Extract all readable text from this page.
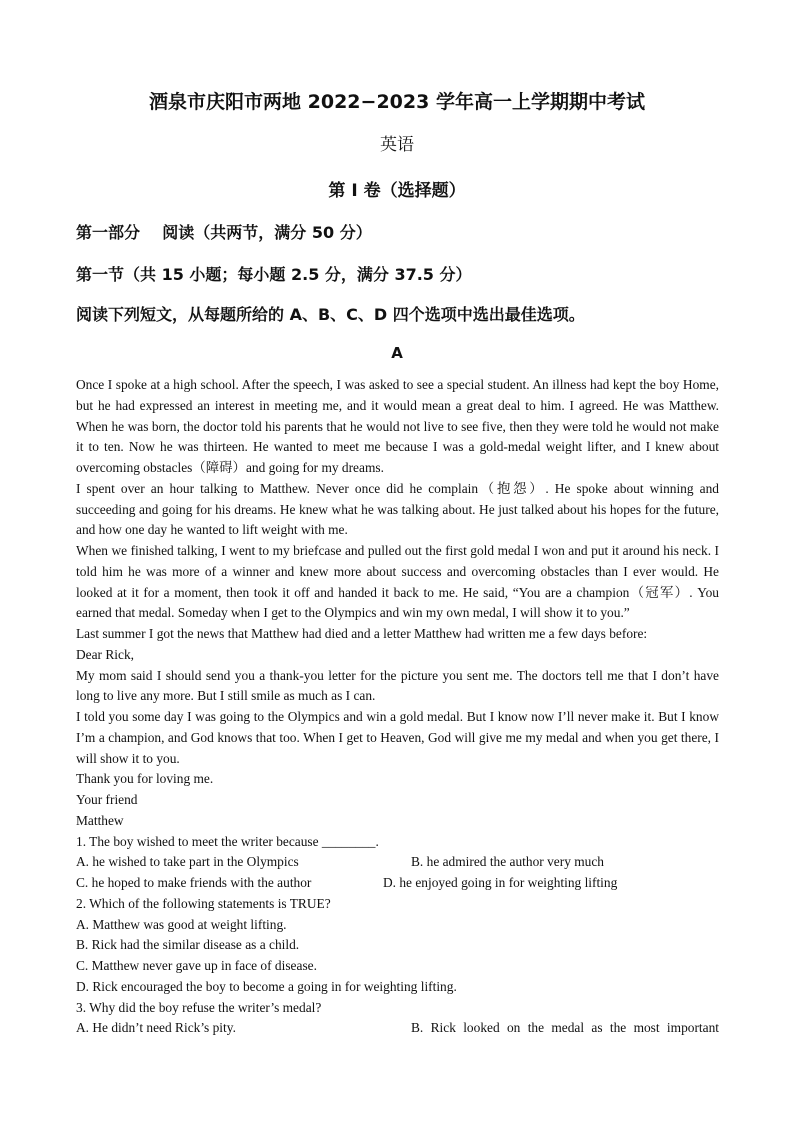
酒泉市庆阳市两地 2022−2023 学年高一上学期期中考试
英语
第 I 卷（选择题）
第一部分    阅读（共两节，满分 50 分）
第一节（共 15 小题；每小题 2.5 分，满分 37.5 分）
阅读下列短文，从每题所给的 A、B、C、D 四个选项中选出最佳选项。
A

Once I spoke at a high school. After the speech, I was asked to see a special student. An illness had kept the boy Home, but he had expressed an interest in meeting me, and it would mean a great deal to him. I agreed. He was Matthew. When he was born, the doctor told his parents that he would not live to see five, then they were told he would not make it to ten. Now he was thirteen. He wanted to meet me because I was a gold-medal weight lifter, and I knew about overcoming obstacles（障碍）and going for my dreams.

I spent over an hour talking to Matthew. Never once did he complain（抱怨）. He spoke about winning and succeeding and going for his dreams. He knew what he was talking about. He just talked about his hopes for the future, and how one day he wanted to lift weight with me.

When we finished talking, I went to my briefcase and pulled out the first gold medal I won and put it around his neck. I told him he was more of a winner and knew more about success and overcoming obstacles than I ever would. He looked at it for a moment, then took it off and handed it back to me. He said, “You are a champion（冠军）. You earned that medal. Someday when I get to the Olympics and win my own medal, I will show it to you.”

Last summer I got the news that Matthew had died and a letter Matthew had written me a few days before:

Dear Rick,

My mom said I should send you a thank-you letter for the picture you sent me. The doctors tell me that I don’t have long to live any more. But I still smile as much as I can.

I told you some day I was going to the Olympics and win a gold medal. But I know now I’ll never make it. But I know I’m a champion, and God knows that too. When I get to Heaven, God will give me my medal and when you get there, I will show it to you.

Thank you for loving me.

Your friend

Matthew

1. The boy wished to meet the writer because ________.

A. he wished to take part in the Olympics	B. he admired the author very much
C. he hoped to make friends with the author	D. he enjoyed going in for weighting lifting

2. Which of the following statements is TRUE?

A. Matthew was good at weight lifting.

B. Rick had the similar disease as a child.

C. Matthew never gave up in face of disease.

D. Rick encouraged the boy to become a going in for weighting lifting.

3. Why did the boy refuse the writer’s medal?

A. He didn’t need Rick’s pity.	B. Rick looked on the medal as the most important
